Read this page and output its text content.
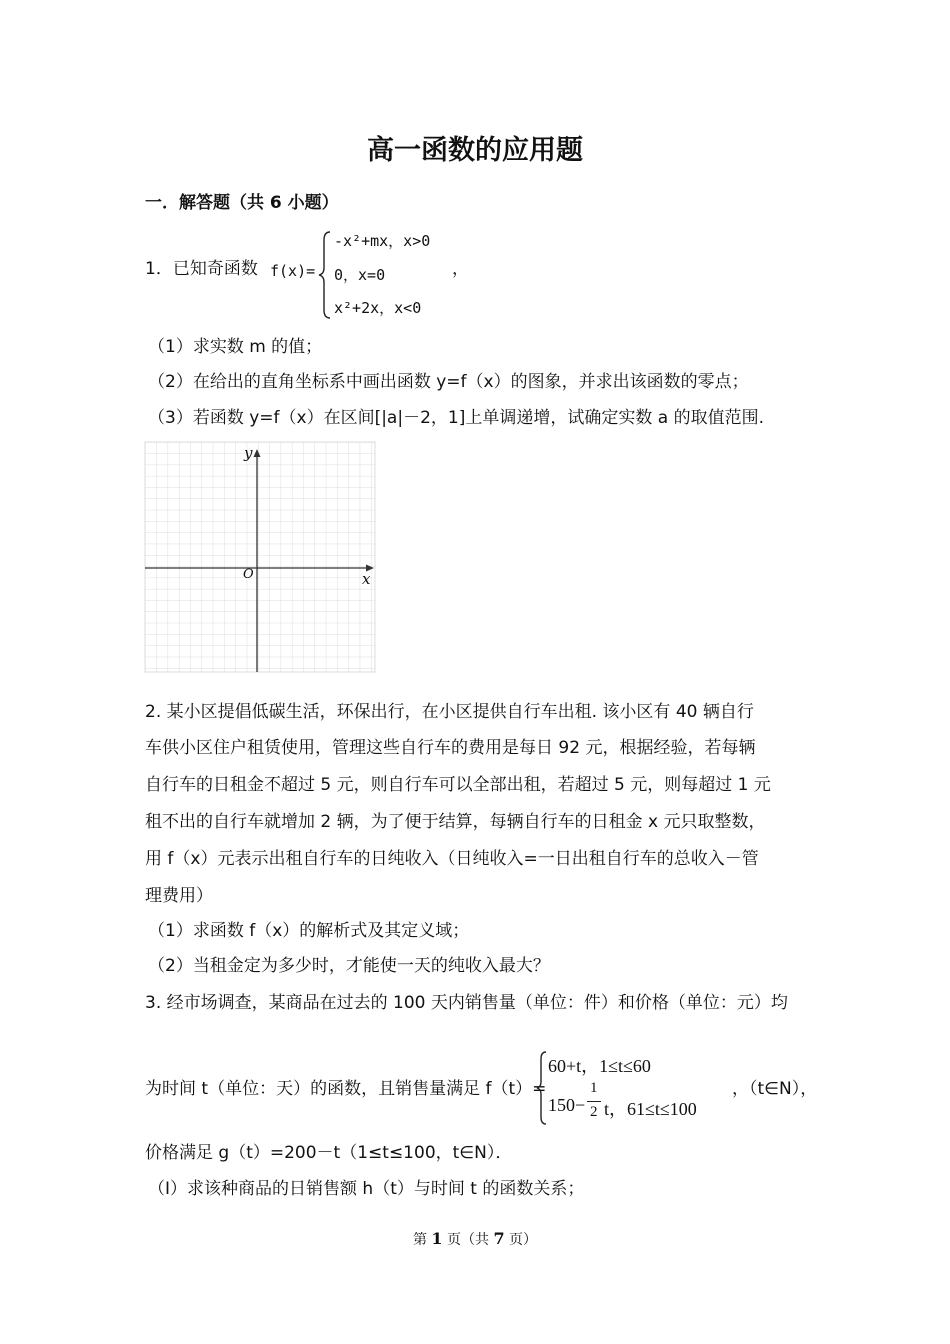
高一函数的应用题
一．解答题（共 6 小题）
1．已知奇函数 f(x)=
-x²+mx，x>0
0，x=0
x²+2x，x<0
，
（1）求实数 m 的值；
（2）在给出的直角坐标系中画出函数 y=f（x）的图象，并求出该函数的零点；
（3）若函数 y=f（x）在区间[|a|－2，1]上单调递增，试确定实数 a 的取值范围.
y
x
O
2. 某小区提倡低碳生活，环保出行，在小区提供自行车出租. 该小区有 40 辆自行
车供小区住户租赁使用，管理这些自行车的费用是每日 92 元，根据经验，若每辆
自行车的日租金不超过 5 元，则自行车可以全部出租，若超过 5 元，则每超过 1 元
租不出的自行车就增加 2 辆，为了便于结算，每辆自行车的日租金 x 元只取整数，
用 f（x）元表示出租自行车的日纯收入（日纯收入=一日出租自行车的总收入－管
理费用）
（1）求函数 f（x）的解析式及其定义域；
（2）当租金定为多少时，才能使一天的纯收入最大？
3. 经市场调查，某商品在过去的 100 天内销售量（单位：件）和价格（单位：元）均
为时间 t（单位：天）的函数，且销售量满足 f（t）=
60+t，1≤t≤60
150−
1
2 t，61≤t≤100
，（t∈N），
价格满足 g（t）=200－t（1≤t≤100，t∈N）．
（Ⅰ）求该种商品的日销售额 h（t）与时间 t 的函数关系；
第 1 页（共 7 页）
